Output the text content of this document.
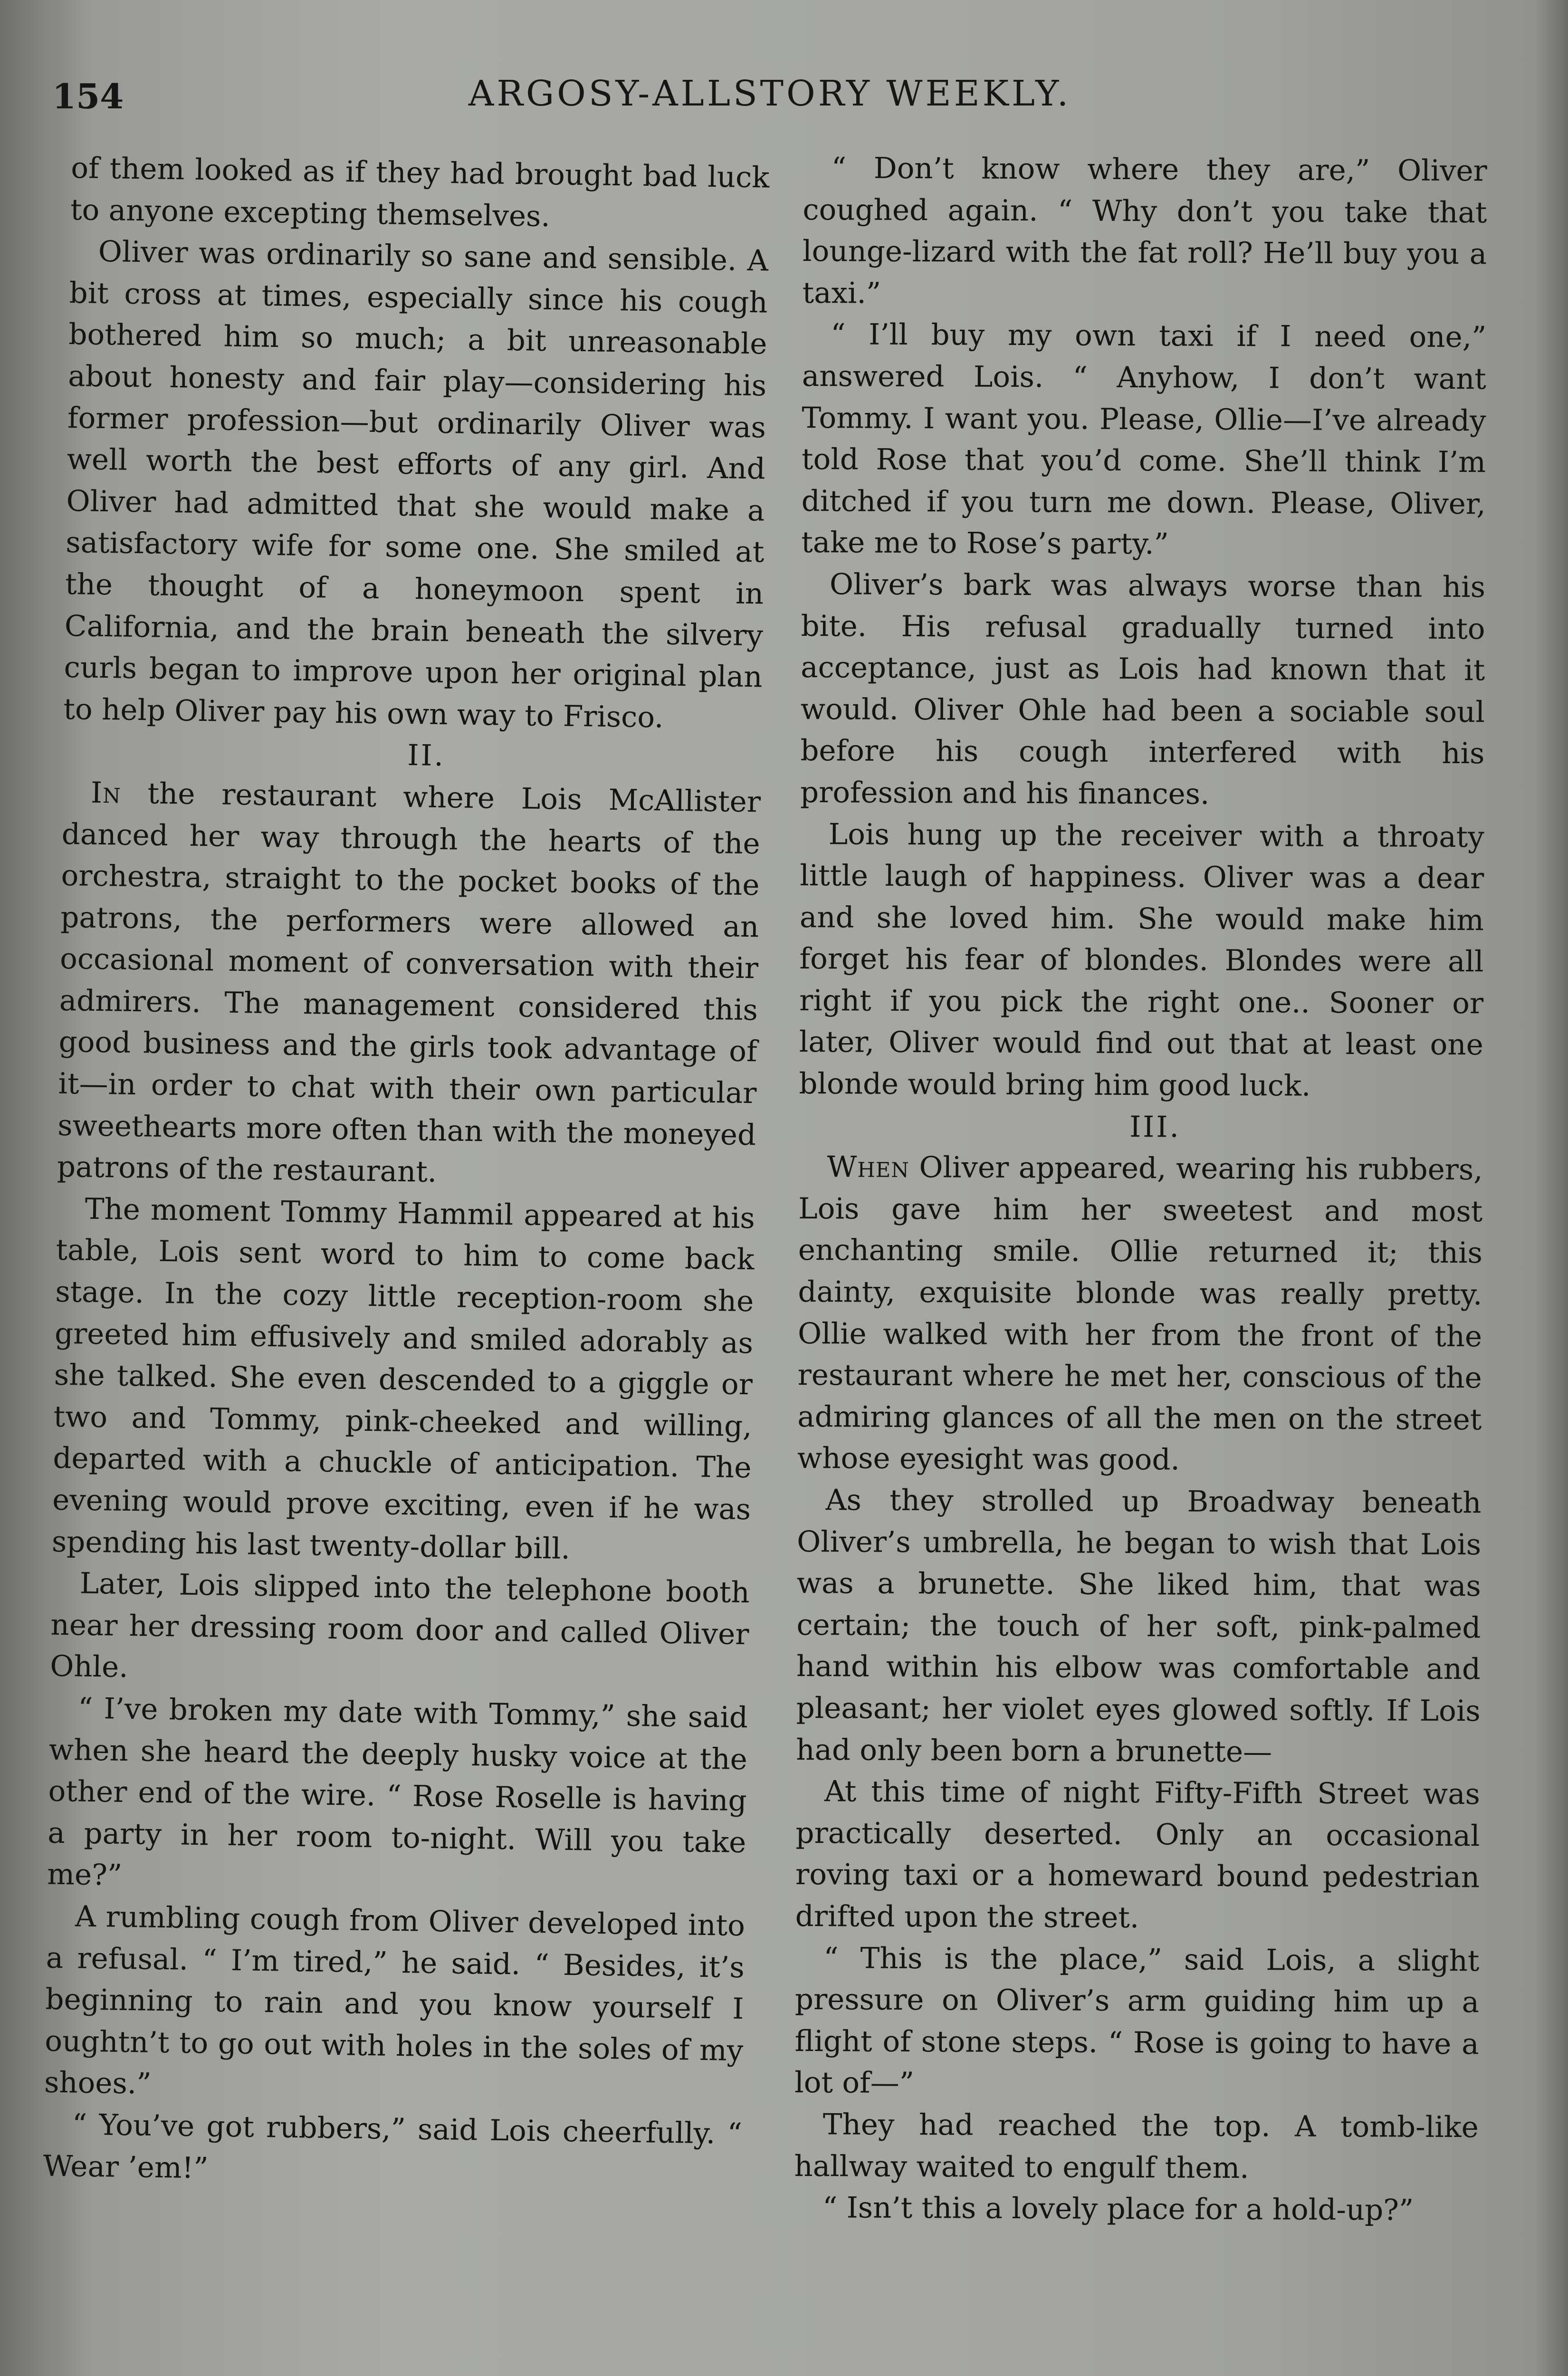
154	ARGOSY-ALLSTORY WEEKLY.

of them looked as if they had brought bad luck to anyone excepting themselves.

Oliver was ordinarily so sane and sensible. A bit cross at times, especially since his cough bothered him so much; a bit unreasonable about honesty and fair play—considering his former profession—but ordinarily Oliver was well worth the best efforts of any girl. And Oliver had admitted that she would make a satisfactory wife for some one. She smiled at the thought of a honeymoon spent in California, and the brain beneath the silvery curls began to improve upon her original plan to help Oliver pay his own way to Frisco.

II.

In the restaurant where Lois McAllister danced her way through the hearts of the orchestra, straight to the pocket books of the patrons, the performers were allowed an occasional moment of conversation with their admirers. The management considered this good business and the girls took advantage of it—in order to chat with their own particular sweethearts more often than with the moneyed patrons of the restaurant.

The moment Tommy Hammil appeared at his table, Lois sent word to him to come back stage. In the cozy little reception-room she greeted him effusively and smiled adorably as she talked. She even descended to a giggle or two and Tommy, pink-cheeked and willing, departed with a chuckle of anticipation. The evening would prove exciting, even if he was spending his last twenty-dollar bill.

Later, Lois slipped into the telephone booth near her dressing room door and called Oliver Ohle.

“ I’ve broken my date with Tommy,” she said when she heard the deeply husky voice at the other end of the wire. “ Rose Roselle is having a party in her room to-night. Will you take me?”

A rumbling cough from Oliver developed into a refusal. “ I’m tired,” he said. “ Besides, it’s beginning to rain and you know yourself I oughtn’t to go out with holes in the soles of my shoes.”

“ You’ve got rubbers,” said Lois cheerfully. “ Wear ’em!”

“ Don’t know where they are,” Oliver coughed again. “ Why don’t you take that lounge-lizard with the fat roll? He’ll buy you a taxi.”

“ I’ll buy my own taxi if I need one,” answered Lois. “ Anyhow, I don’t want Tommy. I want you. Please, Ollie—I’ve already told Rose that you’d come. She’ll think I’m ditched if you turn me down. Please, Oliver, take me to Rose’s party.”

Oliver’s bark was always worse than his bite. His refusal gradually turned into acceptance, just as Lois had known that it would. Oliver Ohle had been a sociable soul before his cough interfered with his profession and his finances.

Lois hung up the receiver with a throaty little laugh of happiness. Oliver was a dear and she loved him. She would make him forget his fear of blondes. Blondes were all right if you pick the right one.. Sooner or later, Oliver would find out that at least one blonde would bring him good luck.

III.

When Oliver appeared, wearing his rubbers, Lois gave him her sweetest and most enchanting smile. Ollie returned it; this dainty, exquisite blonde was really pretty. Ollie walked with her from the front of the restaurant where he met her, conscious of the admiring glances of all the men on the street whose eyesight was good.

As they strolled up Broadway beneath Oliver’s umbrella, he began to wish that Lois was a brunette. She liked him, that was certain; the touch of her soft, pink-palmed hand within his elbow was comfortable and pleasant; her violet eyes glowed softly. If Lois had only been born a brunette—

At this time of night Fifty-Fifth Street was practically deserted. Only an occasional roving taxi or a homeward bound pedestrian drifted upon the street.

“ This is the place,” said Lois, a slight pressure on Oliver’s arm guiding him up a flight of stone steps. “ Rose is going to have a lot of—”

They had reached the top. A tomb-like hallway waited to engulf them.

“ Isn’t this a lovely place for a hold-up?”
